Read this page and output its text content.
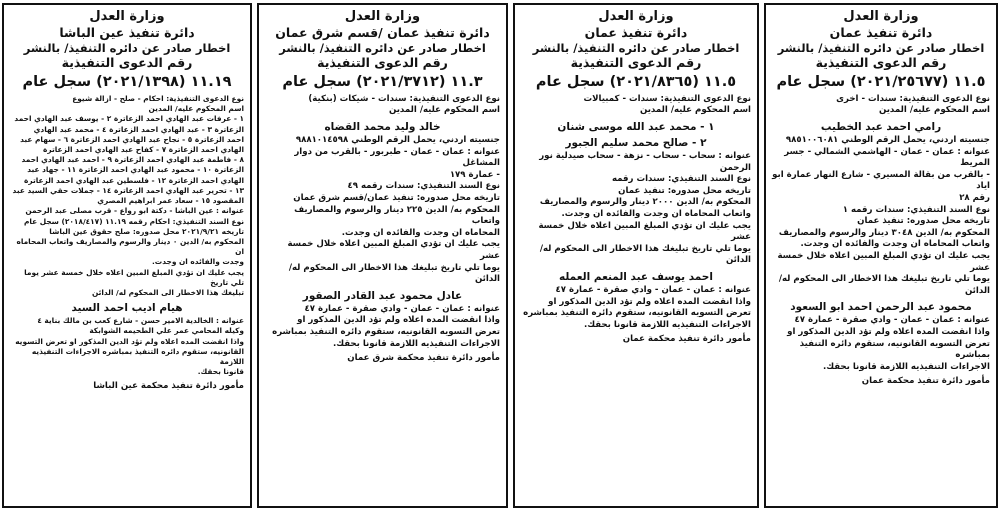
وزارة العدل
دائرة تنفيذ عمان
اخطار صادر عن دائره التنفيذ/ بالنشر
رقم الدعوى التنفيذية
١١.٥ (٢٠٢١/٢٥٦٧٧) سجل عام
نوع الدعوى التنفيذية: سندات - اخرى
اسم المحكوم عليه/ المدين
رامي احمد عبد الخطيب
جنسيته اردني، يحمل الرقم الوطني ٩٨٥١٠٠٦٠٨١
عنوانه : عمان - عمان - الهاشمي الشمالي - جسر المريط
- بالقرب من بقالة المسيري - شارع النهار عمارة ابو اياد
رقم ٢٨
نوع السند التنفيذي: سندات رقمه ١
تاريخه محل صدوره: تنفيذ عمان
المحكوم به/ الدين ٣٠٤٨ دينار والرسوم والمصاريف
واتعاب المحاماه ان وجدت والفائده ان وجدت.
يجب عليك ان تؤدي المبلغ المبين اعلاه خلال خمسة عشر
يوما تلي تاريخ تبليغك هذا الاخطار الى المحكوم له/
الدائن
محمود عبد الرحمن احمد ابو السعود
عنوانه : عمان - عمان - وادي صقرة - عمارة ٤٧
واذا انقضت المده اعلاه ولم تؤد الدين المذكور او
تعرض التسويه القانونيه، ستقوم دائره التنفيذ بمباشره
الاجراءات التنفيذيه اللازمة قانونا بحقك.
مأمور دائرة تنفيذ محكمة عمان
وزارة العدل
دائرة تنفيذ عمان
اخطار صادر عن دائره التنفيذ/ بالنشر
رقم الدعوى التنفيذية
١١.٥ (٢٠٢١/٨٣٦٥) سجل عام
نوع الدعوى التنفيذية: سندات - كمبيالات
اسم المحكوم عليه/ المدين
١ - محمد عبد الله موسى شنان
٢ - صالح محمد سليم الجبور
عنوانه : سحاب - سحاب - نزهة - سحاب صيدلية نور
الرحمن
نوع السند التنفيذي: سندات رقمه
تاريخه محل صدوره: تنفيذ عمان
المحكوم به/ الدين ٢٠٠٠ دينار والرسوم والمصاريف
واتعاب المحاماه ان وجدت والفائده ان وجدت.
يجب عليك ان تؤدي المبلغ المبين اعلاه خلال خمسة عشر
يوما تلي تاريخ تبليغك هذا الاخطار الى المحكوم له/
الدائن
احمد يوسف عبد المنعم العمله
عنوانه : عمان - عمان - وادي صقرة - عمارة ٤٧
واذا انقضت المده اعلاه ولم تؤد الدين المذكور او
تعرض التسويه القانونيه، ستقوم دائره التنفيذ بمباشره
الاجراءات التنفيذيه اللازمة قانونا بحقك.
مأمور دائرة تنفيذ محكمة عمان
وزارة العدل
دائرة تنفيذ عمان /قسم شرق عمان
اخطار صادر عن دائره التنفيذ/ بالنشر
رقم الدعوى التنفيذية
١١.٣ (٢٠٢١/٣٧١٢) سجل عام
نوع الدعوى التنفيذية: سندات - شيكات (بنكية)
اسم المحكوم عليه/ المدين
خالد وليد محمد القضاه
جنسيته اردني، يحمل الرقم الوطني ٩٨٨١٠١٤٥٩٨
عنوانه : عمان - عمان - طبربور - بالقرب من دوار المشاغل
- عمارة ١٧٩
نوع السند التنفيذي: سندات رقمه ٤٩
تاريخه محل صدوره: تنفيذ عمان/قسم شرق عمان
المحكوم به/ الدين ٢٢٥ دينار والرسوم والمصاريف واتعاب
المحاماه ان وجدت والفائده ان وجدت.
يجب عليك ان تؤدي المبلغ المبين اعلاه خلال خمسة عشر
يوما تلي تاريخ تبليغك هذا الاخطار الى المحكوم له/
الدائن
عادل محمود عبد القادر الصقور
عنوانه : عمان - عمان - وادي صقرة - عمارة ٤٧
واذا انقضت المده اعلاه ولم تؤد الدين المذكور او
تعرض التسويه القانونيه، ستقوم دائره التنفيذ بمباشره
الاجراءات التنفيذيه اللازمة قانونا بحقك.
مأمور دائرة تنفيذ محكمة شرق عمان
وزارة العدل
دائرة تنفيذ عين الباشا
اخطار صادر عن دائره التنفيذ/ بالنشر
رقم الدعوى التنفيذية
١١.١٩ (٢٠٢١/١٣٩٨) سجل عام
نوع الدعوى التنفيذية: احكام - صلح - ازالة شيوع
اسم المحكوم عليه/ المدين
١ - عرفات عبد الهادي احمد الزعاترة ٢ - يوسف عبد الهادي احمد
الزعاترة ٣ - عبد الهادي احمد الزعاترة ٤ - محمد عبد الهادي
احمد الزعاترة ٥ - نجاح عبد الهادي احمد الزعاترة ٦ - سهام عبد
الهادي احمد الزعاترة ٧ - كفاح عبد الهادي احمد الزعاترة
٨ - فاطمة عبد الهادي احمد الزعاترة ٩ - احمد عبد الهادي احمد
الزعاترة ١٠ - محمود عبد الهادي احمد الزعاترة ١١ - جهاد عبد
الهادي احمد الزعاترة ١٢ - فلسطين عبد الهادي احمد الزعاترة
١٣ - تحرير عبد الهادي احمد الزعاترة ١٤ - جملات حقي السيد عبد
المقصود ١٥ - سعاد عمر ابراهيم المصري
عنوانه : عين الباشا - دكتة ابو رواع - قرب مصلى عبد الرحمن
نوع السند التنفيذي: احكام رقمه ١١.١٩ (٢٠١٨/٤١٧) سجل عام
تاريخه ٢٠٢١/٩/٢١ محل صدوره: صلح حقوق عين الباشا
المحكوم به/ الدين ٠ دينار والرسوم والمصاريف واتعاب المحاماه ان
وجدت والفائده ان وجدت.
يجب عليك ان تؤدي المبلغ المبين اعلاه خلال خمسة عشر يوما تلي تاريخ
تبليغك هذا الاخطار الى المحكوم له/ الدائن
هيام اديب احمد السيد
عنوانه : الخالدية الامير حسن - شارع كعب بن مالك بناية ٤
وكيله المحامي عمر علي الطحيمه الشوابكة
واذا انقضت المده اعلاه ولم تؤد الدين المذكور او تعرض التسويه
القانونيه، ستقوم دائره التنفيذ بمباشره الاجراءات التنفيذيه اللازمة
قانونا بحقك.
مأمور دائرة تنفيذ محكمة عين الباشا
